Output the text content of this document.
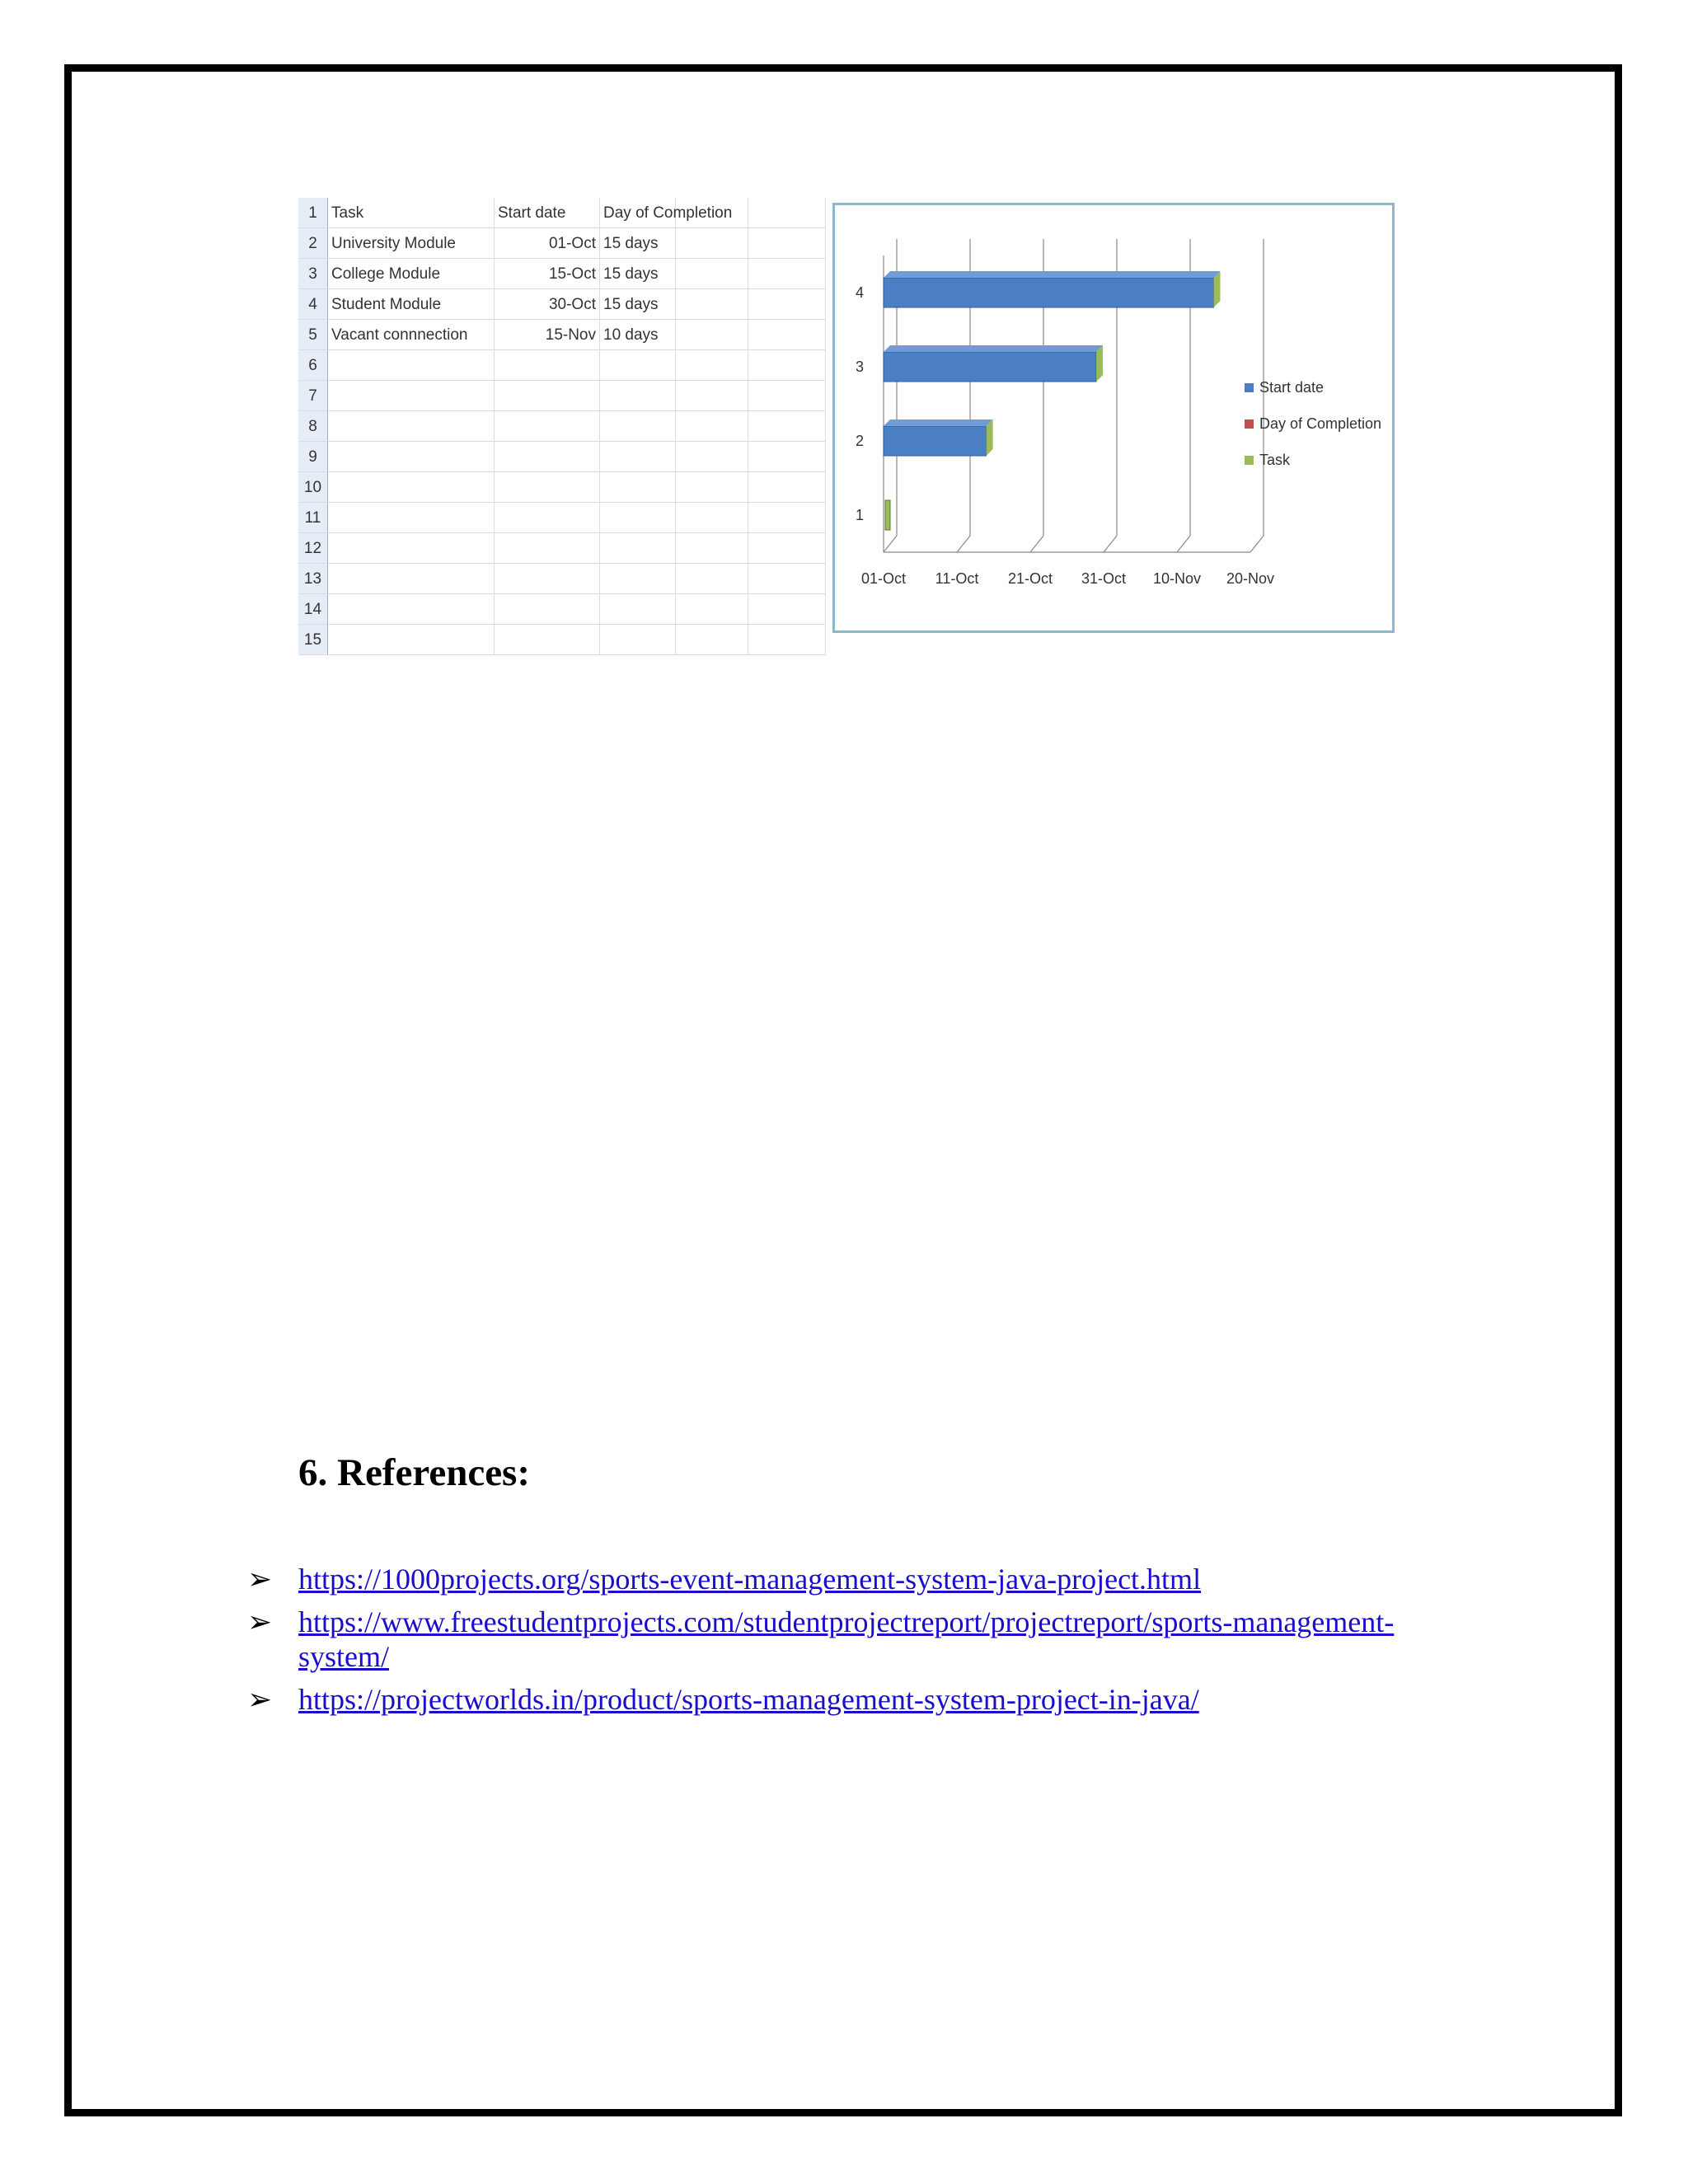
1 Task	Start date	Day of Completion
2 University Module	01-Oct 15 days
3 College Module	15-Oct 15 days
4 Student Module	30-Oct 15 days
5 Vacant connnection	15-Nov 10 days
6
7
8
9
10
11
12
13
14
15
01-Oct 11-Oct 21-Oct 31-Oct 10-Nov 20-Nov
1
2
3
4
Start date
Day of Completion
Task
6. References:
➢ https://1000projects.org/sports-event-management-system-java-project.html
➢ https://www.freestudentprojects.com/studentprojectreport/projectreport/sports-management-system/
➢ https://projectworlds.in/product/sports-management-system-project-in-java/
